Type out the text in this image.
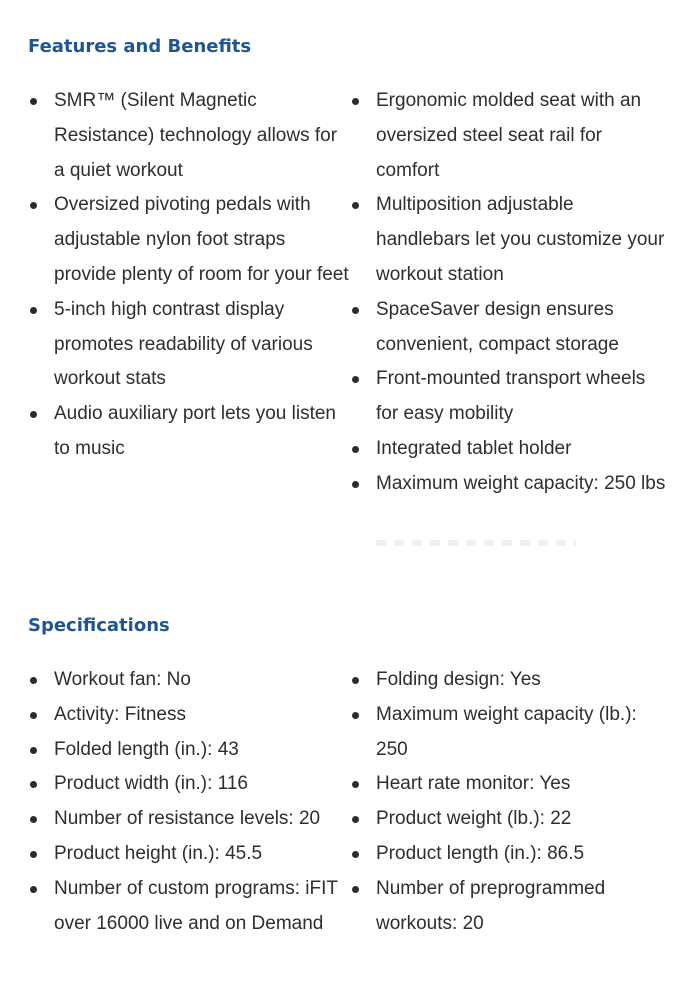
Features and Benefits
SMR™ (Silent Magnetic Resistance) technology allows for a quiet workout
Oversized pivoting pedals with adjustable nylon foot straps provide plenty of room for your feet
5-inch high contrast display promotes readability of various workout stats
Audio auxiliary port lets you listen to music
Ergonomic molded seat with an oversized steel seat rail for comfort
Multiposition adjustable handlebars let you customize your workout station
SpaceSaver design ensures convenient, compact storage
Front-mounted transport wheels for easy mobility
Integrated tablet holder
Maximum weight capacity: 250 lbs
Specifications
Workout fan: No
Activity: Fitness
Folded length (in.): 43
Product width (in.): 116
Number of resistance levels: 20
Product height (in.): 45.5
Number of custom programs: iFIT over 16000 live and on Demand
Folding design: Yes
Maximum weight capacity (lb.): 250
Heart rate monitor: Yes
Product weight (lb.): 22
Product length (in.): 86.5
Number of preprogrammed workouts: 20
